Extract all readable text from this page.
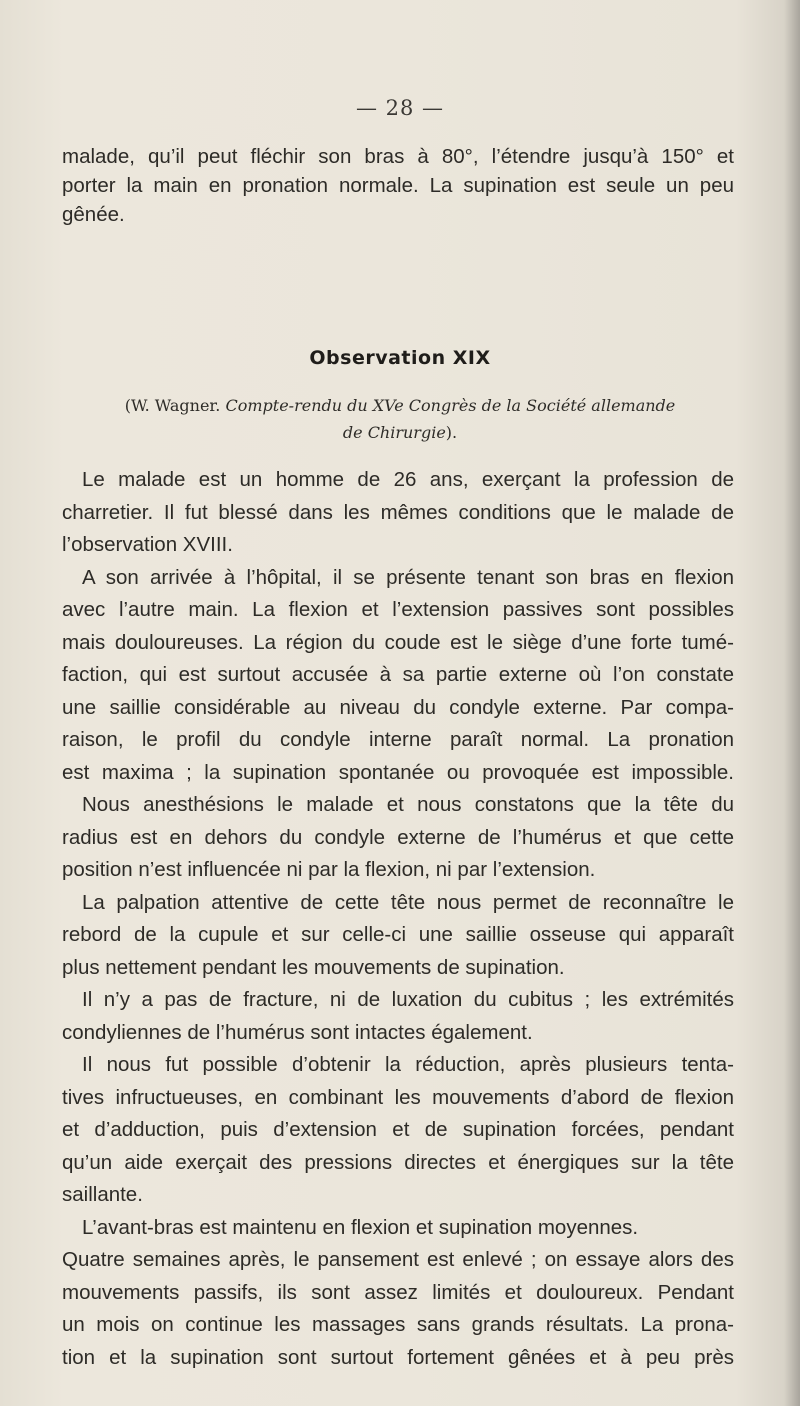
— 28 —
malade, qu’il peut fléchir son bras à 80°, l’étendre jusqu’à 150° et
porter la main en pronation normale. La supination est seule un peu
gênée.
Observation XIX
(W. Wagner. Compte-rendu du XVe Congrès de la Société allemande
de Chirurgie).
Le malade est un homme de 26 ans, exerçant la profession de
charretier. Il fut blessé dans les mêmes conditions que le malade de
l’observation XVIII.
A son arrivée à l’hôpital, il se présente tenant son bras en flexion
avec l’autre main. La flexion et l’extension passives sont possibles
mais douloureuses. La région du coude est le siège d’une forte tumé-
faction, qui est surtout accusée à sa partie externe où l’on constate
une saillie considérable au niveau du condyle externe. Par compa-
raison, le profil du condyle interne paraît normal. La pronation
est maxima ; la supination spontanée ou provoquée est impossible.
Nous anesthésions le malade et nous constatons que la tête du
radius est en dehors du condyle externe de l’humérus et que cette
position n’est influencée ni par la flexion, ni par l’extension.
La palpation attentive de cette tête nous permet de reconnaître le
rebord de la cupule et sur celle-ci une saillie osseuse qui apparaît
plus nettement pendant les mouvements de supination.
Il n’y a pas de fracture, ni de luxation du cubitus ; les extrémités
condyliennes de l’humérus sont intactes également.
Il nous fut possible d’obtenir la réduction, après plusieurs tenta-
tives infructueuses, en combinant les mouvements d’abord de flexion
et d’adduction, puis d’extension et de supination forcées, pendant
qu’un aide exerçait des pressions directes et énergiques sur la tête
saillante.
L’avant-bras est maintenu en flexion et supination moyennes.
Quatre semaines après, le pansement est enlevé ; on essaye alors des
mouvements passifs, ils sont assez limités et douloureux. Pendant
un mois on continue les massages sans grands résultats. La prona-
tion et la supination sont surtout fortement gênées et à peu près
